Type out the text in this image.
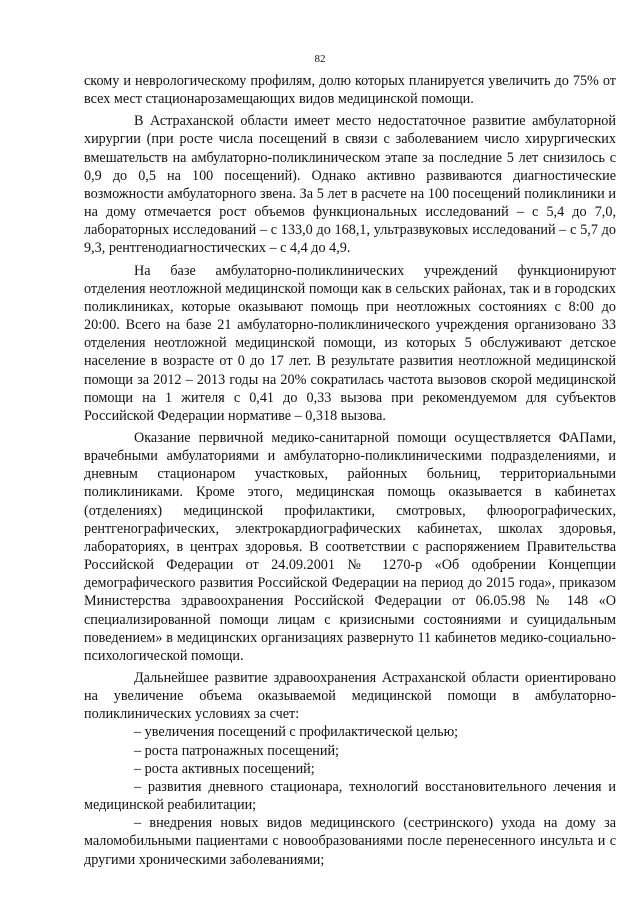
82

скому и неврологическому профилям, долю которых планируется увеличить до 75% от всех мест стационарозамещающих видов медицинской помощи.

В Астраханской области имеет место недостаточное развитие амбулаторной хирургии (при росте числа посещений в связи с заболеванием число хирургических вмешательств на амбулаторно-поликлиническом этапе за последние 5 лет снизилось с 0,9 до 0,5 на 100 посещений). Однако активно развиваются диагностические возможности амбулаторного звена. За 5 лет в расчете на 100 посещений поликлиники и на дому отмечается рост объемов функциональных исследований – с 5,4 до 7,0, лабораторных исследований – с 133,0 до 168,1, ультразвуковых исследований – с 5,7 до 9,3, рентгенодиагностических – с 4,4 до 4,9.

На базе амбулаторно-поликлинических учреждений функционируют отделения неотложной медицинской помощи как в сельских районах, так и в городских поликлиниках, которые оказывают помощь при неотложных состояниях с 8:00 до 20:00. Всего на базе 21 амбулаторно-поликлинического учреждения организовано 33 отделения неотложной медицинской помощи, из которых 5 обслуживают детское население в возрасте от 0 до 17 лет. В результате развития неотложной медицинской помощи за 2012 – 2013 годы на 20% сократилась частота вызовов скорой медицинской помощи на 1 жителя с 0,41 до 0,33 вызова при рекомендуемом для субъектов Российской Федерации нормативе – 0,318 вызова.

Оказание первичной медико-санитарной помощи осуществляется ФАПами, врачебными амбулаториями и амбулаторно-поликлиническими подразделениями, и дневным стационаром участковых, районных больниц, территориальными поликлиниками. Кроме этого, медицинская помощь оказывается в кабинетах (отделениях) медицинской профилактики, смотровых, флюорографических, рентгенографических, электрокардиографических кабинетах, школах здоровья, лабораториях, в центрах здоровья. В соответствии с распоряжением Правительства Российской Федерации от 24.09.2001 № 1270-р «Об одобрении Концепции демографического развития Российской Федерации на период до 2015 года», приказом Министерства здравоохранения Российской Федерации от 06.05.98 № 148 «О специализированной помощи лицам с кризисными состояниями и суицидальным поведением» в медицинских организациях развернуто 11 кабинетов медико-социально-психологической помощи.

Дальнейшее развитие здравоохранения Астраханской области ориентировано на увеличение объема оказываемой медицинской помощи в амбулаторно-поликлинических условиях за счет:

– увеличения посещений с профилактической целью;
– роста патронажных посещений;
– роста активных посещений;
– развития дневного стационара, технологий восстановительного лечения и медицинской реабилитации;
– внедрения новых видов медицинского (сестринского) ухода на дому за маломобильными пациентами с новообразованиями после перенесенного инсульта и с другими хроническими заболеваниями;
